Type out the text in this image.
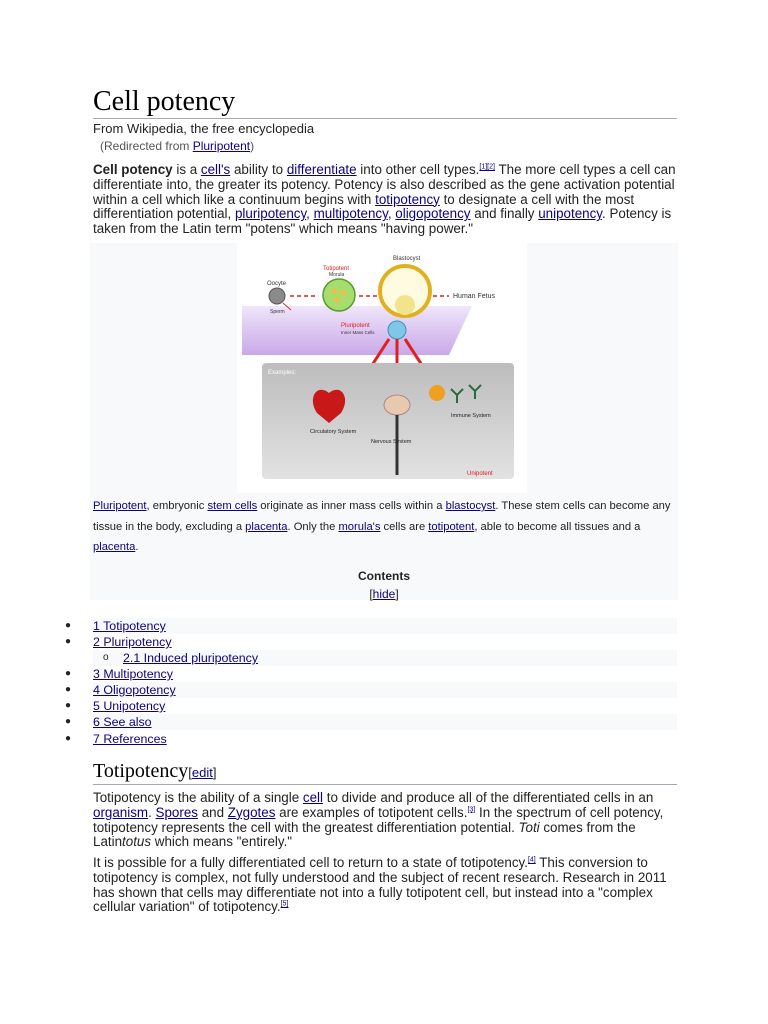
Cell potency
From Wikipedia, the free encyclopedia
(Redirected from Pluripotent)

Cell potency is a cell's ability to differentiate into other cell types.[1][2] The more cell types a cell can differentiate into, the greater its potency. Potency is also described as the gene activation potential within a cell which like a continuum begins with totipotency to designate a cell with the most differentiation potential, pluripotency, multipotency, oligopotency and finally unipotency. Potency is taken from the Latin term "potens" which means "having power."

Oocyte
Sperm
Totipotent
Morula
Blastocyst
Human Fetus
Pluripotent
Inner Mass Cells
Examples:
Circulatory System
Nervous System
Immune System
Unipotent
Pluripotent, embryonic stem cells originate as inner mass cells within a blastocyst. These stem cells can become any tissue in the body, excluding a placenta. Only the morula's cells are totipotent, able to become all tissues and a placenta.
Contents
[hide]
● 1 Totipotency
● 2 Pluripotency
o 2.1 Induced pluripotency
● 3 Multipotency
● 4 Oligopotency
● 5 Unipotency
● 6 See also
● 7 References
Totipotency[edit]

Totipotency is the ability of a single cell to divide and produce all of the differentiated cells in an organism. Spores and Zygotes are examples of totipotent cells.[3] In the spectrum of cell potency, totipotency represents the cell with the greatest differentiation potential. Toti comes from the Latintotus which means "entirely."

It is possible for a fully differentiated cell to return to a state of totipotency.[4] This conversion to totipotency is complex, not fully understood and the subject of recent research. Research in 2011 has shown that cells may differentiate not into a fully totipotent cell, but instead into a "complex cellular variation" of totipotency.[5]
